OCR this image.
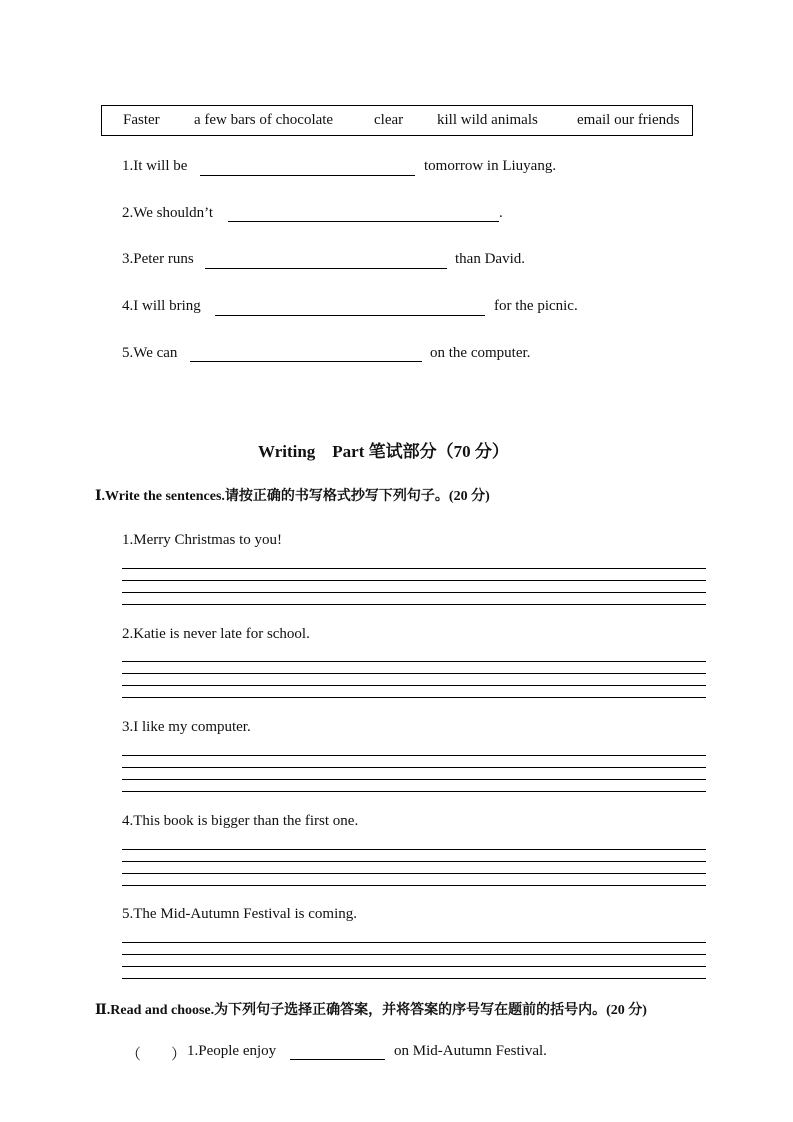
Faster a few bars of chocolate	clear kill wild animals	email our friends
1.It will be	tomorrow in Liuyang.
2.We shouldn’t	.
3.Peter runs	than David.
4.I will bring	for the picnic.
5.We can	on the computer.
Writing　Part 笔试部分（70 分）
Ⅰ.Write the sentences.请按正确的书写格式抄写下列句子。(20 分)
1.Merry Christmas to you!
2.Katie is never late for school.
3.I like my computer.
4.This book is bigger than the first one.
5.The Mid-Autumn Festival is coming.
Ⅱ.Read and choose.为下列句子选择正确答案，并将答案的序号写在题前的括号内。(20 分)
（　　） 1.People enjoy	on Mid-Autumn Festival.
